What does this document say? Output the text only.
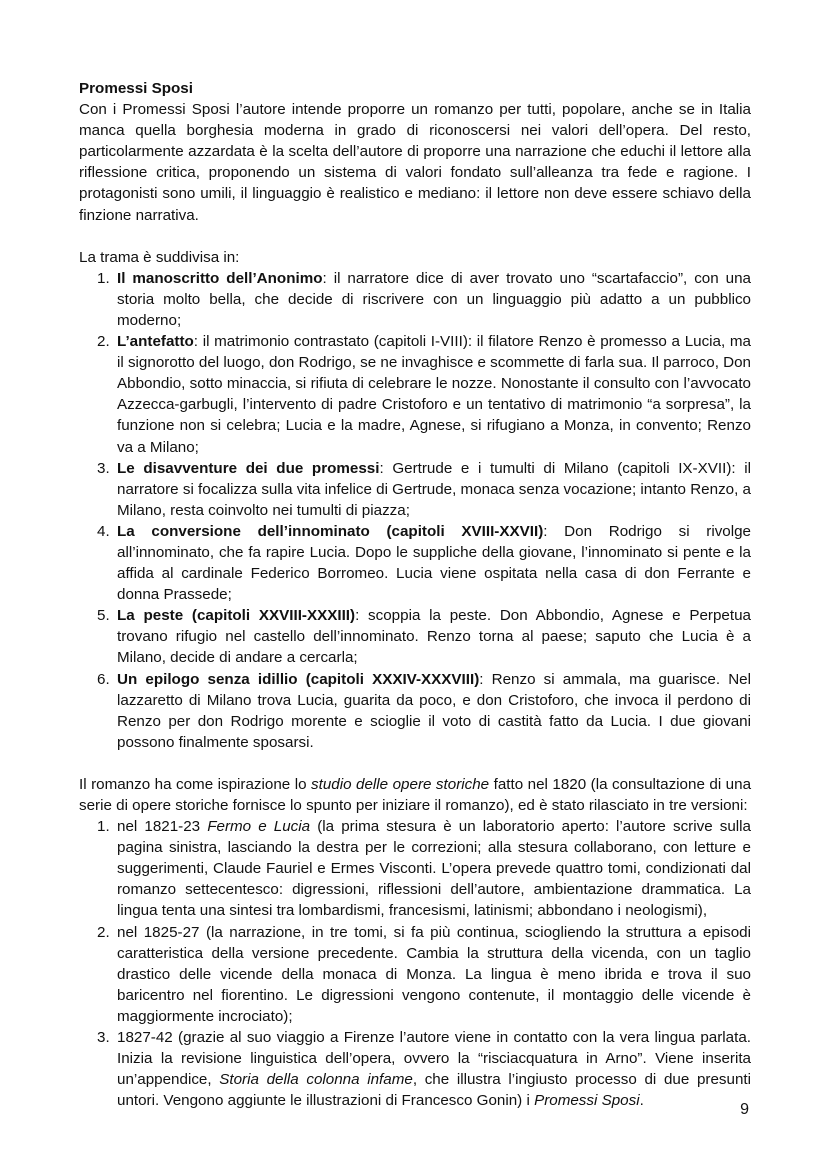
Promessi Sposi

Con i Promessi Sposi l’autore intende proporre un romanzo per tutti, popolare, anche se in Italia manca quella borghesia moderna in grado di riconoscersi nei valori dell’opera. Del resto, particolarmente azzardata è la scelta dell’autore di proporre una narrazione che educhi il lettore alla riflessione critica, proponendo un sistema di valori fondato sull’alleanza tra fede e ragione. I protagonisti sono umili, il linguaggio è realistico e mediano: il lettore non deve essere schiavo della finzione narrativa.

La trama è suddivisa in:

1. Il manoscritto dell’Anonimo: il narratore dice di aver trovato uno “scartafaccio”, con una storia molto bella, che decide di riscrivere con un linguaggio più adatto a un pubblico moderno;
2. L’antefatto: il matrimonio contrastato (capitoli I-VIII): il filatore Renzo è promesso a Lucia, ma il signorotto del luogo, don Rodrigo, se ne invaghisce e scommette di farla sua. Il parroco, Don Abbondio, sotto minaccia, si rifiuta di celebrare le nozze. Nonostante il consulto con l’avvocato Azzecca-garbugli, l’intervento di padre Cristoforo e un tentativo di matrimonio “a sorpresa”, la funzione non si celebra; Lucia e la madre, Agnese, si rifugiano a Monza, in convento; Renzo va a Milano;
3. Le disavventure dei due promessi: Gertrude e i tumulti di Milano (capitoli IX-XVII): il narratore si focalizza sulla vita infelice di Gertrude, monaca senza vocazione; intanto Renzo, a Milano, resta coinvolto nei tumulti di piazza;
4. La conversione dell’innominato (capitoli XVIII-XXVII): Don Rodrigo si rivolge all’innominato, che fa rapire Lucia. Dopo le suppliche della giovane, l’innominato si pente e la affida al cardinale Federico Borromeo. Lucia viene ospitata nella casa di don Ferrante e donna Prassede;
5. La peste (capitoli XXVIII-XXXIII): scoppia la peste. Don Abbondio, Agnese e Perpetua trovano rifugio nel castello dell’innominato. Renzo torna al paese; saputo che Lucia è a Milano, decide di andare a cercarla;
6. Un epilogo senza idillio (capitoli XXXIV-XXXVIII): Renzo si ammala, ma guarisce. Nel lazzaretto di Milano trova Lucia, guarita da poco, e don Cristoforo, che invoca il perdono di Renzo per don Rodrigo morente e scioglie il voto di castità fatto da Lucia. I due giovani possono finalmente sposarsi.

Il romanzo ha come ispirazione lo studio delle opere storiche fatto nel 1820 (la consultazione di una serie di opere storiche fornisce lo spunto per iniziare il romanzo), ed è stato rilasciato in tre versioni:

1. nel 1821-23 Fermo e Lucia (la prima stesura è un laboratorio aperto: l’autore scrive sulla pagina sinistra, lasciando la destra per le correzioni; alla stesura collaborano, con letture e suggerimenti, Claude Fauriel e Ermes Visconti. L’opera prevede quattro tomi, condizionati dal romanzo settecentesco: digressioni, riflessioni dell’autore, ambientazione drammatica. La lingua tenta una sintesi tra lombardismi, francesismi, latinismi; abbondano i neologismi),
2. nel 1825-27 (la narrazione, in tre tomi, si fa più continua, sciogliendo la struttura a episodi caratteristica della versione precedente. Cambia la struttura della vicenda, con un taglio drastico delle vicende della monaca di Monza. La lingua è meno ibrida e trova il suo baricentro nel fiorentino. Le digressioni vengono contenute, il montaggio delle vicende è maggiormente incrociato);
3. 1827-42 (grazie al suo viaggio a Firenze l’autore viene in contatto con la vera lingua parlata. Inizia la revisione linguistica dell’opera, ovvero la “risciacquatura in Arno”. Viene inserita un’appendice, Storia della colonna infame, che illustra l’ingiusto processo di due presunti untori. Vengono aggiunte le illustrazioni di Francesco Gonin) i Promessi Sposi.
9
